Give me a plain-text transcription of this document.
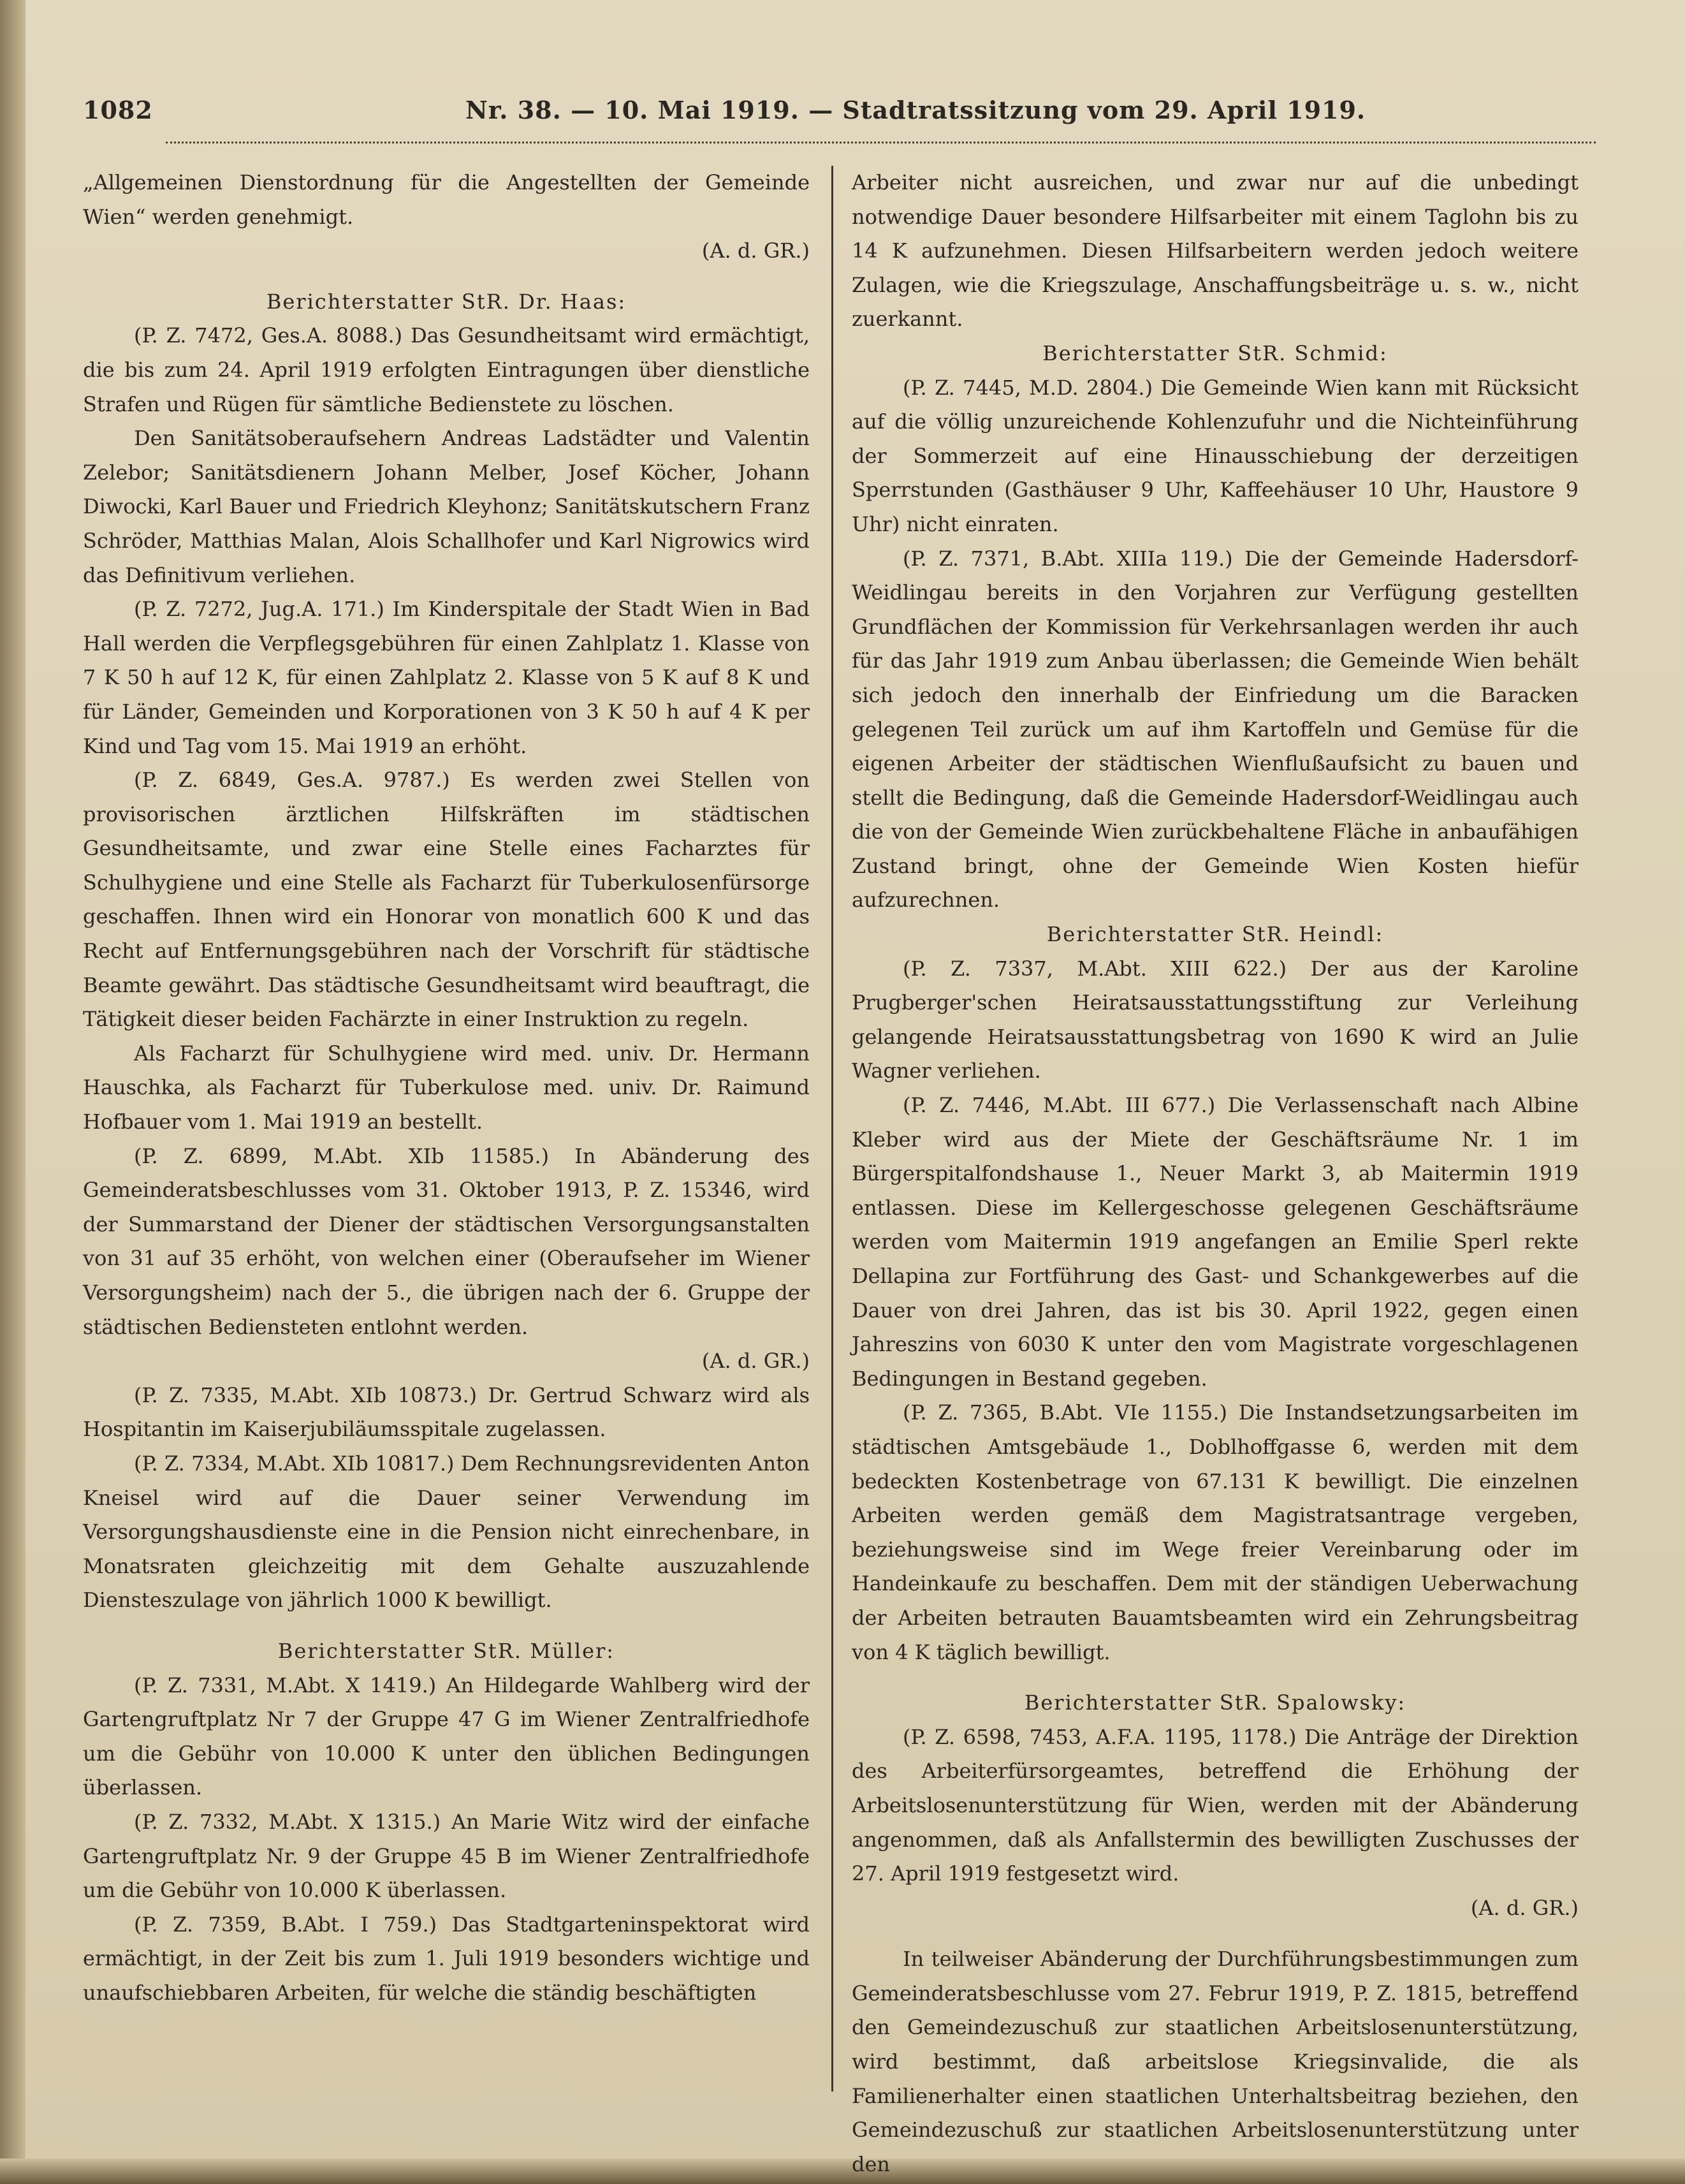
1082	Nr. 38. — 10. Mai 1919. — Stadtratssitzung vom 29. April 1919.

„Allgemeinen Dienstordnung für die Angestellten der Gemeinde Wien“ werden genehmigt.

(A. d. GR.)
Berichterstatter StR. Dr. Haas:

(P. Z. 7472, Ges.A. 8088.) Das Gesundheitsamt wird ermächtigt, die bis zum 24. April 1919 erfolgten Eintragungen über dienstliche Strafen und Rügen für sämtliche Bedienstete zu löschen.

Den Sanitätsoberaufsehern Andreas Ladstädter und Valentin Zelebor; Sanitätsdienern Johann Melber, Josef Köcher, Johann Diwocki, Karl Bauer und Friedrich Kleyhonz; Sanitätskutschern Franz Schröder, Matthias Malan, Alois Schallhofer und Karl Nigrowics wird das Definitivum verliehen.

(P. Z. 7272, Jug.A. 171.) Im Kinderspitale der Stadt Wien in Bad Hall werden die Verpflegsgebühren für einen Zahlplatz 1. Klasse von 7 K 50 h auf 12 K, für einen Zahlplatz 2. Klasse von 5 K auf 8 K und für Länder, Gemeinden und Korporationen von 3 K 50 h auf 4 K per Kind und Tag vom 15. Mai 1919 an erhöht.

(P. Z. 6849, Ges.A. 9787.) Es werden zwei Stellen von provisorischen ärztlichen Hilfskräften im städtischen Gesundheitsamte, und zwar eine Stelle eines Facharztes für Schulhygiene und eine Stelle als Facharzt für Tuberkulosenfürsorge geschaffen. Ihnen wird ein Honorar von monatlich 600 K und das Recht auf Entfernungsgebühren nach der Vorschrift für städtische Beamte gewährt. Das städtische Gesundheitsamt wird beauftragt, die Tätigkeit dieser beiden Fachärzte in einer Instruktion zu regeln.

Als Facharzt für Schulhygiene wird med. univ. Dr. Hermann Hauschka, als Facharzt für Tuberkulose med. univ. Dr. Raimund Hofbauer vom 1. Mai 1919 an bestellt.

(P. Z. 6899, M.Abt. XIb 11585.) In Abänderung des Gemeinderatsbeschlusses vom 31. Oktober 1913, P. Z. 15346, wird der Summarstand der Diener der städtischen Versorgungsanstalten von 31 auf 35 erhöht, von welchen einer (Oberaufseher im Wiener Versorgungsheim) nach der 5., die übrigen nach der 6. Gruppe der städtischen Bediensteten entlohnt werden.

(A. d. GR.)

(P. Z. 7335, M.Abt. XIb 10873.) Dr. Gertrud Schwarz wird als Hospitantin im Kaiserjubiläumsspitale zugelassen.

(P. Z. 7334, M.Abt. XIb 10817.) Dem Rechnungsrevidenten Anton Kneisel wird auf die Dauer seiner Verwendung im Versorgungshausdienste eine in die Pension nicht einrechenbare, in Monatsraten gleichzeitig mit dem Gehalte auszuzahlende Diensteszulage von jährlich 1000 K bewilligt.

Berichterstatter StR. Müller:

(P. Z. 7331, M.Abt. X 1419.) An Hildegarde Wahlberg wird der Gartengruftplatz Nr 7 der Gruppe 47 G im Wiener Zentralfriedhofe um die Gebühr von 10.000 K unter den üblichen Bedingungen überlassen.

(P. Z. 7332, M.Abt. X 1315.) An Marie Witz wird der einfache Gartengruftplatz Nr. 9 der Gruppe 45 B im Wiener Zentralfriedhofe um die Gebühr von 10.000 K überlassen.

(P. Z. 7359, B.Abt. I 759.) Das Stadtgarteninspektorat wird ermächtigt, in der Zeit bis zum 1. Juli 1919 besonders wichtige und unaufschiebbaren Arbeiten, für welche die ständig beschäftigten

Arbeiter nicht ausreichen, und zwar nur auf die unbedingt notwendige Dauer besondere Hilfsarbeiter mit einem Taglohn bis zu 14 K aufzunehmen. Diesen Hilfsarbeitern werden jedoch weitere Zulagen, wie die Kriegszulage, Anschaffungsbeiträge u. s. w., nicht zuerkannt.

Berichterstatter StR. Schmid:

(P. Z. 7445, M.D. 2804.) Die Gemeinde Wien kann mit Rücksicht auf die völlig unzureichende Kohlenzufuhr und die Nichteinführung der Sommerzeit auf eine Hinausschiebung der derzeitigen Sperrstunden (Gasthäuser 9 Uhr, Kaffeehäuser 10 Uhr, Haustore 9 Uhr) nicht einraten.

(P. Z. 7371, B.Abt. XIIIa 119.) Die der Gemeinde Hadersdorf-Weidlingau bereits in den Vorjahren zur Verfügung gestellten Grundflächen der Kommission für Verkehrsanlagen werden ihr auch für das Jahr 1919 zum Anbau überlassen; die Gemeinde Wien behält sich jedoch den innerhalb der Einfriedung um die Baracken gelegenen Teil zurück um auf ihm Kartoffeln und Gemüse für die eigenen Arbeiter der städtischen Wienflußaufsicht zu bauen und stellt die Bedingung, daß die Gemeinde Hadersdorf-Weidlingau auch die von der Gemeinde Wien zurückbehaltene Fläche in anbaufähigen Zustand bringt, ohne der Gemeinde Wien Kosten hiefür aufzurechnen.

Berichterstatter StR. Heindl:

(P. Z. 7337, M.Abt. XIII 622.) Der aus der Karoline Prugberger'schen Heiratsausstattungsstiftung zur Verleihung gelangende Heiratsausstattungsbetrag von 1690 K wird an Julie Wagner verliehen.

(P. Z. 7446, M.Abt. III 677.) Die Verlassenschaft nach Albine Kleber wird aus der Miete der Geschäftsräume Nr. 1 im Bürgerspitalfondshause 1., Neuer Markt 3, ab Maitermin 1919 entlassen. Diese im Kellergeschosse gelegenen Geschäftsräume werden vom Maitermin 1919 angefangen an Emilie Sperl rekte Dellapina zur Fortführung des Gast- und Schankgewerbes auf die Dauer von drei Jahren, das ist bis 30. April 1922, gegen einen Jahreszins von 6030 K unter den vom Magistrate vorgeschlagenen Bedingungen in Bestand gegeben.

(P. Z. 7365, B.Abt. VIe 1155.) Die Instandsetzungsarbeiten im städtischen Amtsgebäude 1., Doblhoffgasse 6, werden mit dem bedeckten Kostenbetrage von 67.131 K bewilligt. Die einzelnen Arbeiten werden gemäß dem Magistratsantrage vergeben, beziehungsweise sind im Wege freier Vereinbarung oder im Handeinkaufe zu beschaffen. Dem mit der ständigen Ueberwachung der Arbeiten betrauten Bauamtsbeamten wird ein Zehrungsbeitrag von 4 K täglich bewilligt.

Berichterstatter StR. Spalowsky:

(P. Z. 6598, 7453, A.F.A. 1195, 1178.) Die Anträge der Direktion des Arbeiterfürsorgeamtes, betreffend die Erhöhung der Arbeitslosenunterstützung für Wien, werden mit der Abänderung angenommen, daß als Anfallstermin des bewilligten Zuschusses der 27. April 1919 festgesetzt wird.

(A. d. GR.)

In teilweiser Abänderung der Durchführungsbestimmungen zum Gemeinderatsbeschlusse vom 27. Februr 1919, P. Z. 1815, betreffend den Gemeindezuschuß zur staatlichen Arbeitslosenunterstützung, wird bestimmt, daß arbeitslose Kriegsinvalide, die als Familienerhalter einen staatlichen Unterhaltsbeitrag beziehen, den Gemeindezuschuß zur staatlichen Arbeitslosenunterstützung unter den
